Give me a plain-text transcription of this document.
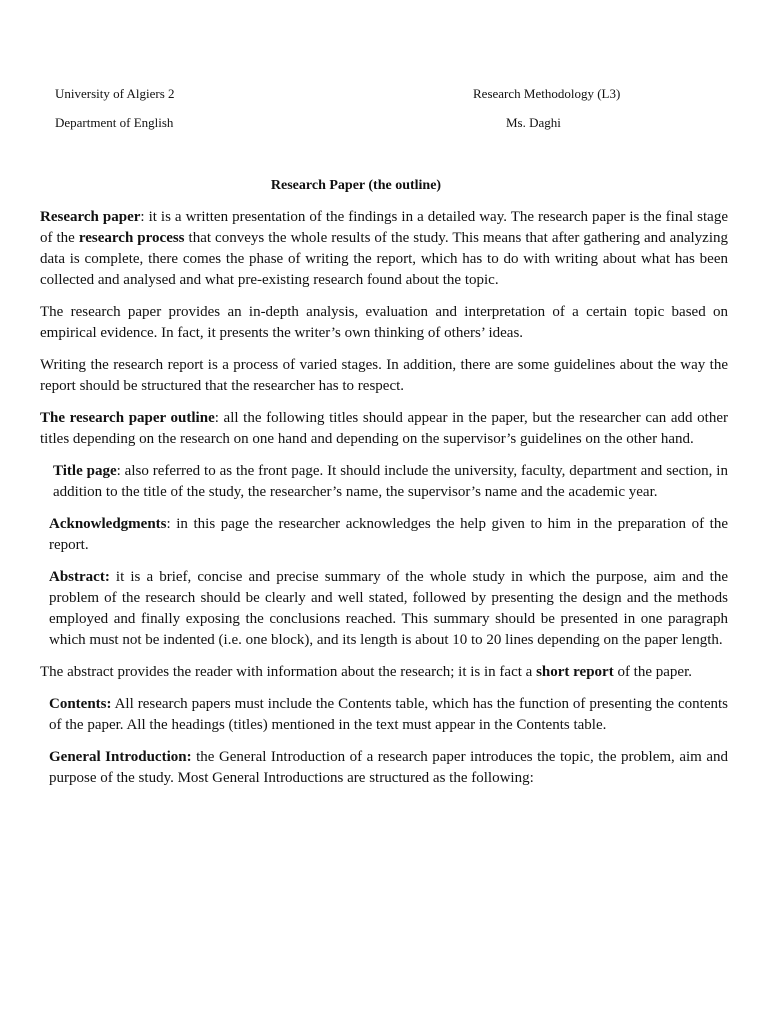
University of Algiers 2
Department of English
Research Methodology (L3)
Ms. Daghi
Research Paper (the outline)

Research paper: it is a written presentation of the findings in a detailed way. The research paper is the final stage of the research process that conveys the whole results of the study. This means that after gathering and analyzing data is complete, there comes the phase of writing the report, which has to do with writing about what has been collected and analysed and what pre-existing research found about the topic.

The research paper provides an in-depth analysis, evaluation and interpretation of a certain topic based on empirical evidence. In fact, it presents the writer’s own thinking of others’ ideas.

Writing the research report is a process of varied stages. In addition, there are some guidelines about the way the report should be structured that the researcher has to respect.

The research paper outline: all the following titles should appear in the paper, but the researcher can add other titles depending on the research on one hand and depending on the supervisor’s guidelines on the other hand.

Title page: also referred to as the front page. It should include the university, faculty, department and section, in addition to the title of the study, the researcher’s name, the supervisor’s name and the academic year.

Acknowledgments: in this page the researcher acknowledges the help given to him in the preparation of the report.

Abstract: it is a brief, concise and precise summary of the whole study in which the purpose, aim and the problem of the research should be clearly and well stated, followed by presenting the design and the methods employed and finally exposing the conclusions reached. This summary should be presented in one paragraph which must not be indented (i.e. one block), and its length is about 10 to 20 lines depending on the paper length.

The abstract provides the reader with information about the research; it is in fact a short report of the paper.

Contents: All research papers must include the Contents table, which has the function of presenting the contents of the paper. All the headings (titles) mentioned in the text must appear in the Contents table.

General Introduction: the General Introduction of a research paper introduces the topic, the problem, aim and purpose of the study. Most General Introductions are structured as the following:
